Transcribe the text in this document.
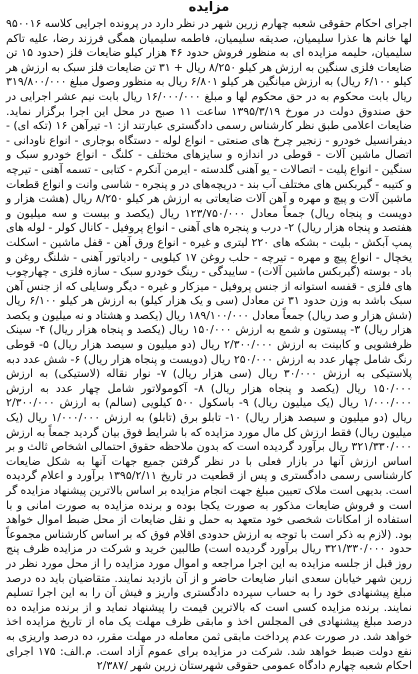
مزایده

اجرای احکام حقوقی شعبه چهارم زرین شهر در نظر دارد در پرونده اجرایی کلاسه ۹۵۰۰۱۶ لها خانم ها عذرا سلیمیان، صدیقه سلیمیان، فاطمه سلیمیان همگی فرزند رضا، علیه تاکم سلیمیان، حلیمه مزایده ای به منظور فروش حدود ۴۶ هزار کیلو ضایعات فلز (حدود ۱۵ تن ضایعات فلزی سنگین به ارزش هر کیلو ۸/۲۵۰ ریال + ۳۱ تن ضایعات فلز سبک به ارزش هر کیلو ۶/۱۰۰ ریال) به ارزش میانگین هر کیلو ۶/۸۰۱ ریال به منظور وصول مبلغ ۳۱۹/۸۰۰/۰۰۰ ریال بابت محکوم به در حق محکوم لها و مبلغ ۱۶/۰۰۰/۰۰۰ ریال بابت نیم عشر اجرایی در حق صندوق دولت در مورخ ۱۳۹۵/۳/۱۹ ساعت ۱۱ صبح در محل این اجرا برگزار نماید. ضایعات اعلامی طبق نظر کارشناس رسمی دادگستری عبارتند از: ۱- تیرآهن ۱۶ (تکه ای) - دیفرانسیل خودرو - زنجیر چرخ های صنعتی - انواع لوله - دستگاه بوجاری - انواع ناودانی - اتصال ماشین آلات - قوطی در اندازه و سایزهای مختلف - کلنگ - انواع خودرو سبک و سنگین - انواع پلیت - اتصالات - یو آهنی گلدسته - ایرمن آنکرم - کتابی - تسمه آهنی - تیرچه و کتیبه - گیربکس های مختلف آب بند - دریچه‌های در و پنجره - شاسی وانت و انواع قطعات ماشین آلات و پیچ و مهره و آهن آلات ضایعاتی به ارزش هر کیلو ۸/۲۵۰ ریال (هشت هزار و دویست و پنجاه ریال) جمعاً معادل ۱۲۳/۷۵۰/۰۰۰ ریال (یکصد و بیست و سه میلیون و هفتصد و پنجاه هزار ریال) ۲- درب و پنجره های آهنی - انواع پروفیل - کانال کولر - لوله های پمپ آبکش - بلیت - بشکه های ۲۲۰ لیتری و غیره - انواع ورق آهن - قفل ماشین - اسکلت یخچال - انواع پیچ و مهره - تیرچه - حلب روغن ۱۷ کیلویی - رادیاتور آهنی - شلنگ روغن و باد - بوسته (گیربکس ماشین آلات) - ساییدگی - رینگ خودرو سبک - سازه فلزی - چهارچوب های فلزی - قفسه استوانه از جنس پروفیل - میزکار و غیره - دیگر وسایلی که از جنس آهن سبک باشد به وزن حدود ۳۱ تن معادل (سی و یک هزار کیلو) به ارزش هر کیلو ۶/۱۰۰ ریال (شش هزار و صد ریال) جمعاً معادل ۱۸۹/۱۰۰/۰۰۰ ریال (یکصد و هشتاد و نه میلیون و یکصد هزار ریال) ۳- پیستون و شمع به ارزش ۱۵۰/۰۰۰ ریال (یکصد و پنجاه هزار ریال) ۴- سینک ظرفشویی و کابینت به ارزش ۲/۳۰۰/۰۰۰ ریال (دو میلیون و سیصد هزار ریال) ۵- قوطی رنگ شامل چهار عدد به ارزش ۲۵۰/۰۰۰ ریال (دویست و پنجاه هزار ریال) ۶- شش عدد دبه پلاستیکی به ارزش ۳۰/۰۰۰ ریال (سی هزار ریال) ۷- نوار نقاله (لاستیکی) به ارزش ۱۵۰/۰۰۰ ریال (یکصد و پنجاه هزار ریال) ۸- آکومولاتور شامل چهار عدد به ارزش ۱/۰۰۰/۰۰۰ ریال (یک میلیون ریال) ۹- باسکول ۵۰۰ کیلویی (سالم) به ارزش ۲/۳۰۰/۰۰۰ ریال (دو میلیون و سیصد هزار ریال) ۱۰- تابلو برق (تابلو) به ارزش ۱/۰۰۰/۰۰۰ ریال (یک میلیون ریال) فقط ارزش کل مال مورد مزایده که با شرایط فوق بیان گردید جمعاً به ارزش ۳۲۱/۳۳۰/۰۰۰ ریال برآورد گردیده است که بدون ملاحظه حقوق احتمالی اشخاص ثالث و بر اساس ارزش آنها در بازار فعلی با در نظر گرفتن جمیع جهات آنها به شکل ضایعات کارشناسی رسمی دادگستری و پس از قطعیت در تاریخ ۱۳۹۵/۲/۱۱ برآورد و اعلام گردیده است. بدیهی است ملاک تعیین مبلغ جهت انجام مزایده بر اساس بالاترین پیشنهاد مزایده گر است و فروش ضایعات مذکور به صورت یکجا بوده و برنده مزایده به صورت امانی و با استفاده از امکانات شخصی خود متعهد به حمل و نقل ضایعات از محل ضبط اموال خواهد بود. (لازم به ذکر است با توجه به ارزش حدودی اقلام فوق که بر اساس کارشناس مجموعاً حدود ۳۲۱/۳۳۰/۰۰۰ ریال برآورد گردیده است) طالبین خرید و شرکت در مزایده ظرف پنج روز قبل از جلسه مزایده به این اجرا مراجعه و اموال مورد مزایده را از محل مورد نظر در زرین شهر خیابان سعدی انبار ضایعات حاضر و از آن بازدید نمایند. متقاضیان باید ده درصد مبلغ پیشنهادی خود را به حساب سپرده دادگستری واریز و فیش آن را به این اجرا تسلیم نمایند. برنده مزایده کسی است که بالاترین قیمت را پیشنهاد نماید و از برنده مزایده ده درصد مبلغ پیشنهادی فی المجلس اخذ و مابقی ظرف مهلت یک ماه از تاریخ مزایده اخذ خواهد شد. در صورت عدم پرداخت مابقی ثمن معامله در مهلت مقرر، ده درصد واریزی به نفع دولت ضبط خواهد شد. شرکت در مزایده برای عموم آزاد است. م.الف: ۱۷۵ اجرای احکام شعبه چهارم دادگاه عمومی حقوقی شهرستان زرین شهر /۲/۳۸۷
